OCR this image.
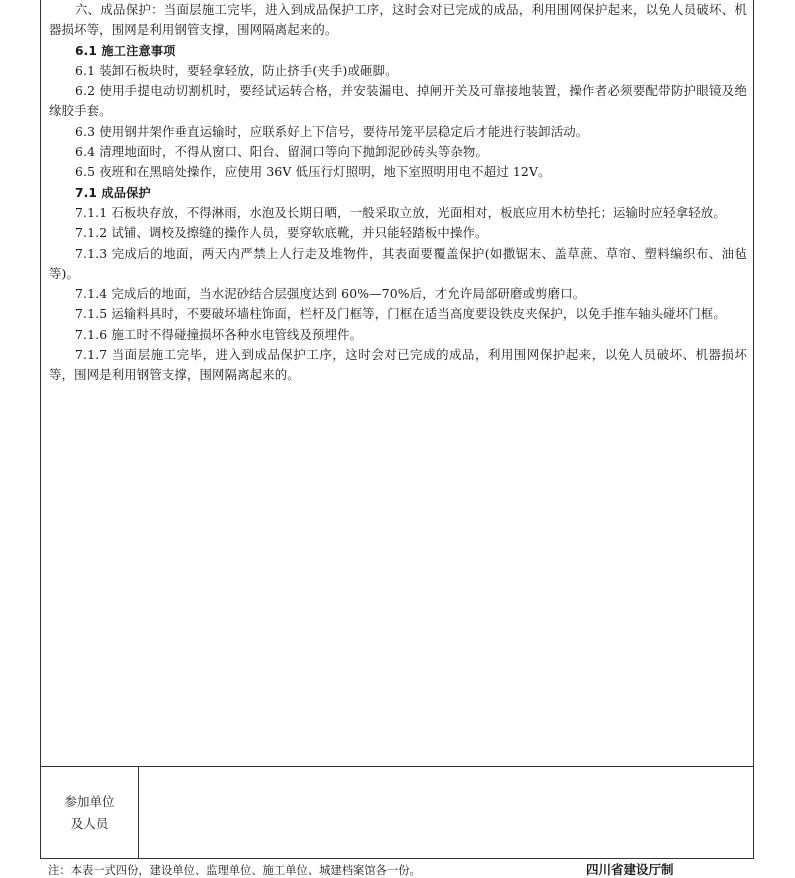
六、成品保护：当面层施工完毕，进入到成品保护工序，这时会对已完成的成品，利用围网保护起来，以免人员破坏、机器损坏等，围网是利用钢管支撑，围网隔离起来的。

6.1 施工注意事项

6.1 装卸石板块时，要轻拿轻放，防止挤手(夹手)或砸脚。

6.2 使用手提电动切割机时，要经试运转合格，并安装漏电、掉闸开关及可靠接地装置，操作者必须要配带防护眼镜及绝缘胶手套。

6.3 使用钢井架作垂直运输时，应联系好上下信号，要待吊笼平层稳定后才能进行装卸活动。

6.4 清理地面时，不得从窗口、阳台、留洞口等向下抛卸泥砂砖头等杂物。

6.5 夜班和在黑暗处操作，应使用 36V 低压行灯照明，地下室照明用电不超过 12V。

7.1 成品保护

7.1.1 石板块存放，不得淋雨，水泡及长期日晒，一般采取立放，光面相对，板底应用木枋垫托；运输时应轻拿轻放。

7.1.2 试铺、调校及擦缝的操作人员，要穿软底靴，并只能轻踏板中操作。

7.1.3 完成后的地面，两天内严禁上人行走及堆物件，其表面要覆盖保护(如撒锯末、盖草蔗、草帘、塑料编织布、油毡等)。

7.1.4 完成后的地面，当水泥砂结合层强度达到 60%—70%后，才允许局部研磨或剪磨口。

7.1.5 运输料具时，不要破坏墙柱饰面，栏杆及门框等，门框在适当高度要设铁皮夹保护，以免手推车轴头碰坏门框。

7.1.6 施工时不得碰撞损坏各种水电管线及预埋件。

7.1.7 当面层施工完毕，进入到成品保护工序，这时会对已完成的成品，利用围网保护起来，以免人员破坏、机器损坏等，围网是利用钢管支撑，围网隔离起来的。

参加单位
及人员
注：本表一式四份，建设单位、监理单位、施工单位、城建档案馆各一份。	四川省建设厅制
